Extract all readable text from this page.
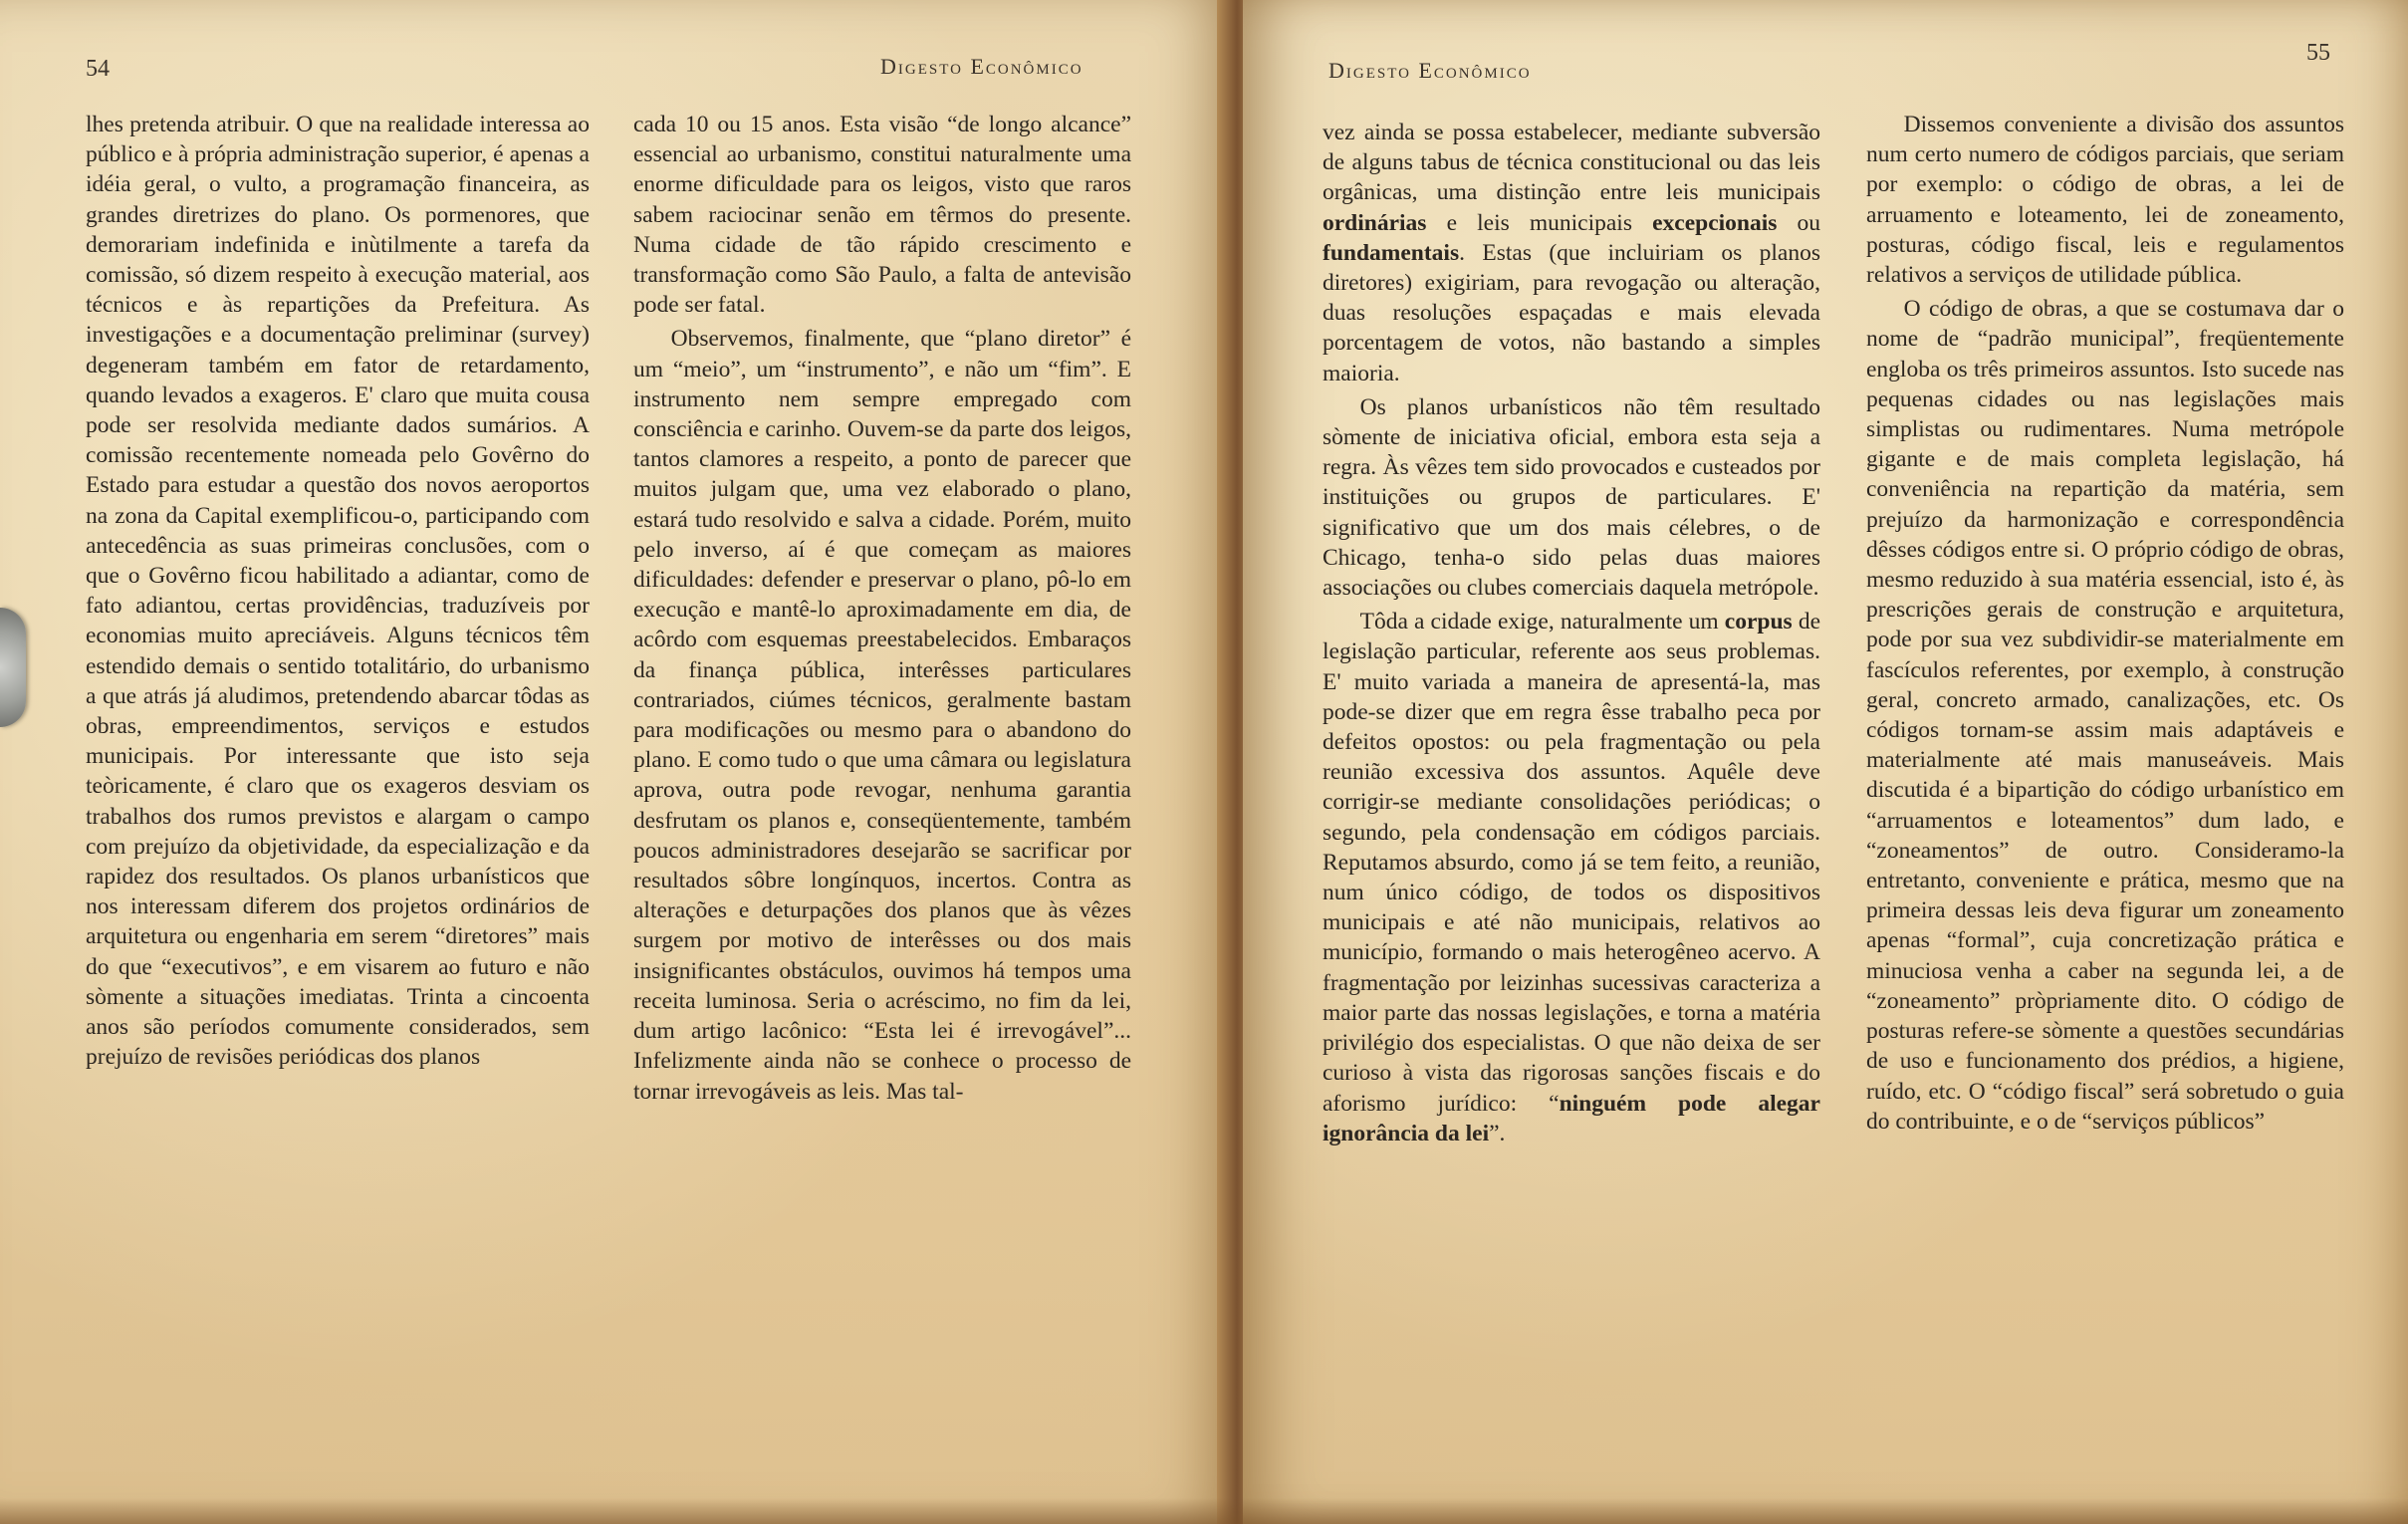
54	Digesto Econômico

lhes pretenda atribuir. O que na realidade interessa ao público e à própria administração superior, é apenas a idéia geral, o vulto, a programação financeira, as grandes diretrizes do plano. Os pormenores, que demorariam indefinida e inùtilmente a tarefa da comissão, só dizem respeito à execução material, aos técnicos e às repartições da Prefeitura. As investigações e a documentação preliminar (survey) degeneram também em fator de retardamento, quando levados a exageros. E' claro que muita cousa pode ser resolvida mediante dados sumários. A comissão recentemente nomeada pelo Govêrno do Estado para estudar a questão dos novos aeroportos na zona da Capital exemplificou-o, participando com antecedência as suas primeiras conclusões, com o que o Govêrno ficou habilitado a adiantar, como de fato adiantou, certas providências, traduzíveis por economias muito apreciáveis. Alguns técnicos têm estendido demais o sentido totalitário, do urbanismo a que atrás já aludimos, pretendendo abarcar tôdas as obras, empreendimentos, serviços e estudos municipais. Por interessante que isto seja teòricamente, é claro que os exageros desviam os trabalhos dos rumos previstos e alargam o campo com prejuízo da objetividade, da especialização e da rapidez dos resultados. Os planos urbanísticos que nos interessam diferem dos projetos ordinários de arquitetura ou engenharia em serem “diretores” mais do que “executivos”, e em visarem ao futuro e não sòmente a situações imediatas. Trinta a cincoenta anos são períodos comumente considerados, sem prejuízo de revisões periódicas dos planos

cada 10 ou 15 anos. Esta visão “de longo alcance” essencial ao urbanismo, constitui naturalmente uma enorme dificuldade para os leigos, visto que raros sabem raciocinar senão em têrmos do presente. Numa cidade de tão rápido crescimento e transformação como São Paulo, a falta de antevisão pode ser fatal.

Observemos, finalmente, que “plano diretor” é um “meio”, um “instrumento”, e não um “fim”. E instrumento nem sempre empregado com consciência e carinho. Ouvem-se da parte dos leigos, tantos clamores a respeito, a ponto de parecer que muitos julgam que, uma vez elaborado o plano, estará tudo resolvido e salva a cidade. Porém, muito pelo inverso, aí é que começam as maiores dificuldades: defender e preservar o plano, pô-lo em execução e mantê-lo aproximadamente em dia, de acôrdo com esquemas preestabelecidos. Embaraços da finança pública, interêsses particulares contrariados, ciúmes técnicos, geralmente bastam para modificações ou mesmo para o abandono do plano. E como tudo o que uma câmara ou legislatura aprova, outra pode revogar, nenhuma garantia desfrutam os planos e, conseqüentemente, também poucos administradores desejarão se sacrificar por resultados sôbre longínquos, incertos. Contra as alterações e deturpações dos planos que às vêzes surgem por motivo de interêsses ou dos mais insignificantes obstáculos, ouvimos há tempos uma receita luminosa. Seria o acréscimo, no fim da lei, dum artigo lacônico: “Esta lei é irrevogável”... Infelizmente ainda não se conhece o processo de tornar irrevogáveis as leis. Mas tal-

Digesto Econômico
55

vez ainda se possa estabelecer, mediante subversão de alguns tabus de técnica constitucional ou das leis orgânicas, uma distinção entre leis municipais ordinárias e leis municipais excepcionais ou fundamentais. Estas (que incluiriam os planos diretores) exigiriam, para revogação ou alteração, duas resoluções espaçadas e mais elevada porcentagem de votos, não bastando a simples maioria.

Os planos urbanísticos não têm resultado sòmente de iniciativa oficial, embora esta seja a regra. Às vêzes tem sido provocados e custeados por instituições ou grupos de particulares. E' significativo que um dos mais célebres, o de Chicago, tenha-o sido pelas duas maiores associações ou clubes comerciais daquela metrópole.

Tôda a cidade exige, naturalmente um corpus de legislação particular, referente aos seus problemas. E' muito variada a maneira de apresentá-la, mas pode-se dizer que em regra êsse trabalho peca por defeitos opostos: ou pela fragmentação ou pela reunião excessiva dos assuntos. Aquêle deve corrigir-se mediante consolidações periódicas; o segundo, pela condensação em códigos parciais. Reputamos absurdo, como já se tem feito, a reunião, num único código, de todos os dispositivos municipais e até não municipais, relativos ao município, formando o mais heterogêneo acervo. A fragmentação por leizinhas sucessivas caracteriza a maior parte das nossas legislações, e torna a matéria privilégio dos especialistas. O que não deixa de ser curioso à vista das rigorosas sanções fiscais e do aforismo jurídico: “ninguém pode alegar ignorância da lei”.

Dissemos conveniente a divisão dos assuntos num certo numero de códigos parciais, que seriam por exemplo: o código de obras, a lei de arruamento e loteamento, lei de zoneamento, posturas, código fiscal, leis e regulamentos relativos a serviços de utilidade pública.

O código de obras, a que se costumava dar o nome de “padrão municipal”, freqüentemente engloba os três primeiros assuntos. Isto sucede nas pequenas cidades ou nas legislações mais simplistas ou rudimentares. Numa metrópole gigante e de mais completa legislação, há conveniência na repartição da matéria, sem prejuízo da harmonização e correspondência dêsses códigos entre si. O próprio código de obras, mesmo reduzido à sua matéria essencial, isto é, às prescrições gerais de construção e arquitetura, pode por sua vez subdividir-se materialmente em fascículos referentes, por exemplo, à construção geral, concreto armado, canalizações, etc. Os códigos tornam-se assim mais adaptáveis e materialmente até mais manuseáveis. Mais discutida é a bipartição do código urbanístico em “arruamentos e loteamentos” dum lado, e “zoneamentos” de outro. Consideramo-la entretanto, conveniente e prática, mesmo que na primeira dessas leis deva figurar um zoneamento apenas “formal”, cuja concretização prática e minuciosa venha a caber na segunda lei, a de “zoneamento” pròpriamente dito. O código de posturas refere-se sòmente a questões secundárias de uso e funcionamento dos prédios, a higiene, ruído, etc. O “código fiscal” será sobretudo o guia do contribuinte, e o de “serviços públicos”
